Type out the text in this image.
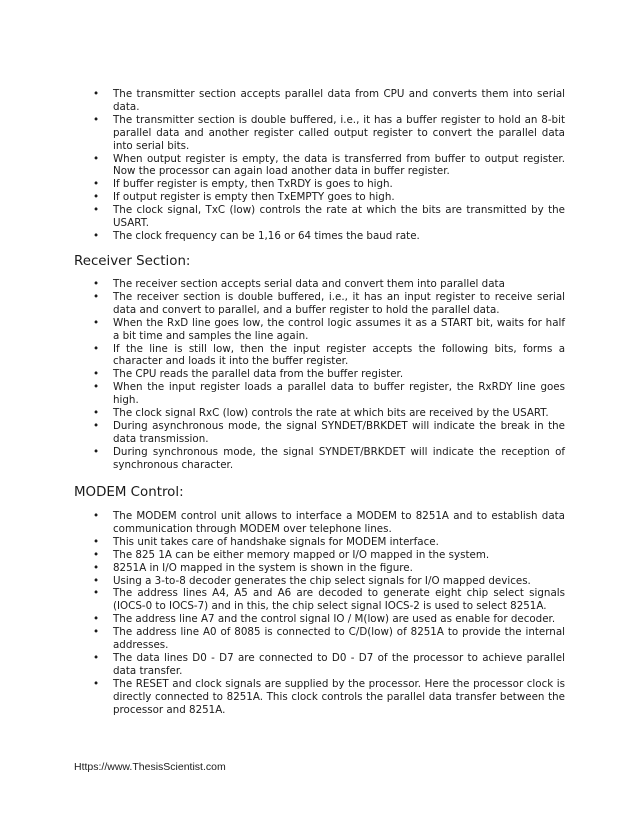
• The transmitter section accepts parallel data from CPU and converts them into serial data.
• The transmitter section is double buffered, i.e., it has a buffer register to hold an 8-bit parallel data and another register called output register to convert the parallel data into serial bits.
• When output register is empty, the data is transferred from buffer to output register. Now the processor can again load another data in buffer register.
• If buffer register is empty, then TxRDY is goes to high.
• If output register is empty then TxEMPTY goes to high.
• The clock signal, TxC (low) controls the rate at which the bits are transmitted by the USART.
• The clock frequency can be 1,16 or 64 times the baud rate.
Receiver Section:
• The receiver section accepts serial data and convert them into parallel data
• The receiver section is double buffered, i.e., it has an input register to receive serial data and convert to parallel, and a buffer register to hold the parallel data.
• When the RxD line goes low, the control logic assumes it as a START bit, waits for half a bit time and samples the line again.
• If the line is still low, then the input register accepts the following bits, forms a character and loads it into the buffer register.
• The CPU reads the parallel data from the buffer register.
• When the input register loads a parallel data to buffer register, the RxRDY line goes high.
• The clock signal RxC (low) controls the rate at which bits are received by the USART.
• During asynchronous mode, the signal SYNDET/BRKDET will indicate the break in the data transmission.
• During synchronous mode, the signal SYNDET/BRKDET will indicate the reception of synchronous character.
MODEM Control:
• The MODEM control unit allows to interface a MODEM to 8251A and to establish data communication through MODEM over telephone lines.
• This unit takes care of handshake signals for MODEM interface.
• The 825 1A can be either memory mapped or I/O mapped in the system.
• 8251A in I/O mapped in the system is shown in the figure.
• Using a 3-to-8 decoder generates the chip select signals for I/O mapped devices.
• The address lines A4, A5 and A6 are decoded to generate eight chip select signals (IOCS-0 to IOCS-7) and in this, the chip select signal IOCS-2 is used to select 8251A.
• The address line A7 and the control signal IO / M(low) are used as enable for decoder.
• The address line A0 of 8085 is connected to C/D(low) of 8251A to provide the internal addresses.
• The data lines D0 - D7 are connected to D0 - D7 of the processor to achieve parallel data transfer.
• The RESET and clock signals are supplied by the processor. Here the processor clock is directly connected to 8251A. This clock controls the parallel data transfer between the processor and 8251A.
Https://www.ThesisScientist.com
